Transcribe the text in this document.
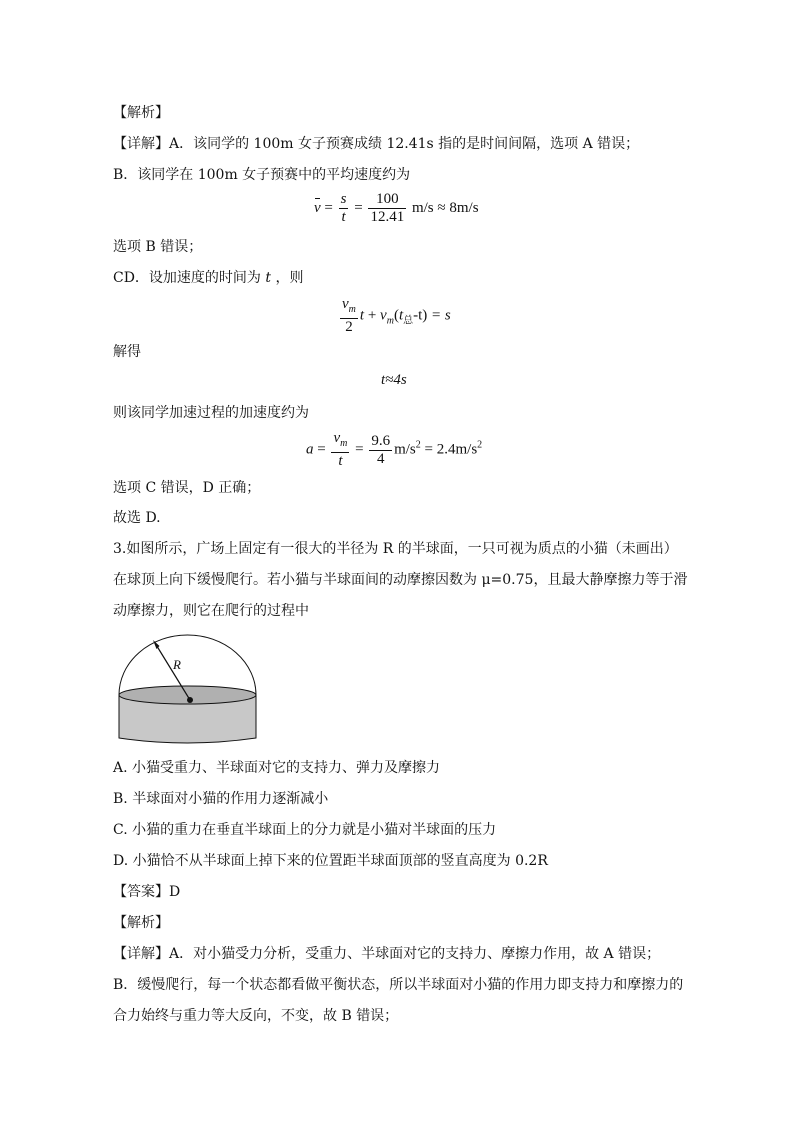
【解析】
【详解】A．该同学的 100m 女子预赛成绩 12.41s 指的是时间间隔，选项 A 错误；
B．该同学在 100m 女子预赛中的平均速度约为
$v = \frac{s}{t} = \frac{100}{12.41} m/s \approx 8m/s$
选项 B 错误；
CD．设加速度的时间为 t ，则
$\frac{v_m}{2}$ $t + v_m(t_总-t) = s$
解得
t≈4s
则该同学加速过程的加速度约为
$a = \frac{v_m}{t} = \frac{9.6}{4} m/s^2 = 2.4m/s^2$
选项 C 错误，D 正确；
故选 D.
3.如图所示，广场上固定有一很大的半径为 R 的半球面，一只可视为质点的小猫（未画出）
在球顶上向下缓慢爬行。若小猫与半球面间的动摩擦因数为 μ=0.75，且最大静摩擦力等于滑
动摩擦力，则它在爬行的过程中
R
A. 小猫受重力、半球面对它的支持力、弹力及摩擦力
B. 半球面对小猫的作用力逐渐减小
C. 小猫的重力在垂直半球面上的分力就是小猫对半球面的压力
D. 小猫恰不从半球面上掉下来的位置距半球面顶部的竖直高度为 0.2R
【答案】D
【解析】
【详解】A．对小猫受力分析，受重力、半球面对它的支持力、摩擦力作用，故 A 错误；
B．缓慢爬行，每一个状态都看做平衡状态，所以半球面对小猫的作用力即支持力和摩擦力的
合力始终与重力等大反向，不变，故 B 错误；
